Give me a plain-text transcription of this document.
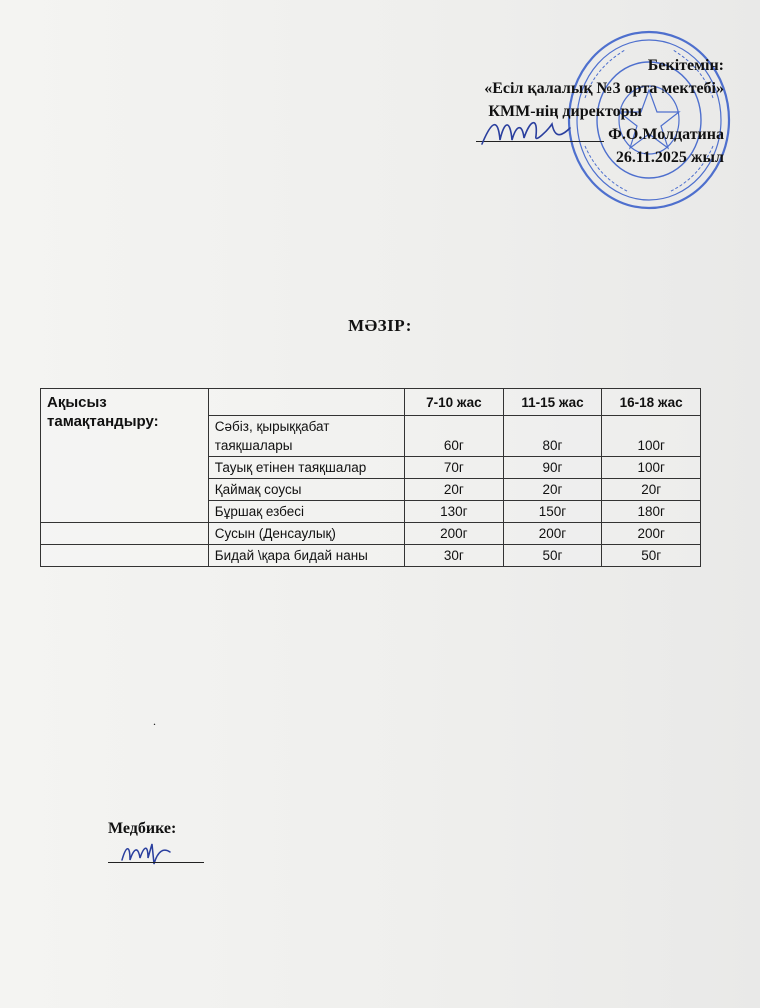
Бекітемін:
«Есіл қалалық №3 орта мектебі»
КММ-нің директоры
Ф.О.Молдатина
26.11.2025 жыл
МӘЗІР:
Ақысыз тамақтандыру:		7-10 жас	11-15 жас	16-18 жас
	Сәбіз, қырыққабат таяқшалары	60г	80г	100г
	Тауық етінен таяқшалар	70г	90г	100г
	Қаймақ соусы	20г	20г	20г
	Бұршақ езбесі	130г	150г	180г
	Сусын (Денсаулық)	200г	200г	200г
	Бидай \қара бидай наны	30г	50г	50г
.
Медбике:
